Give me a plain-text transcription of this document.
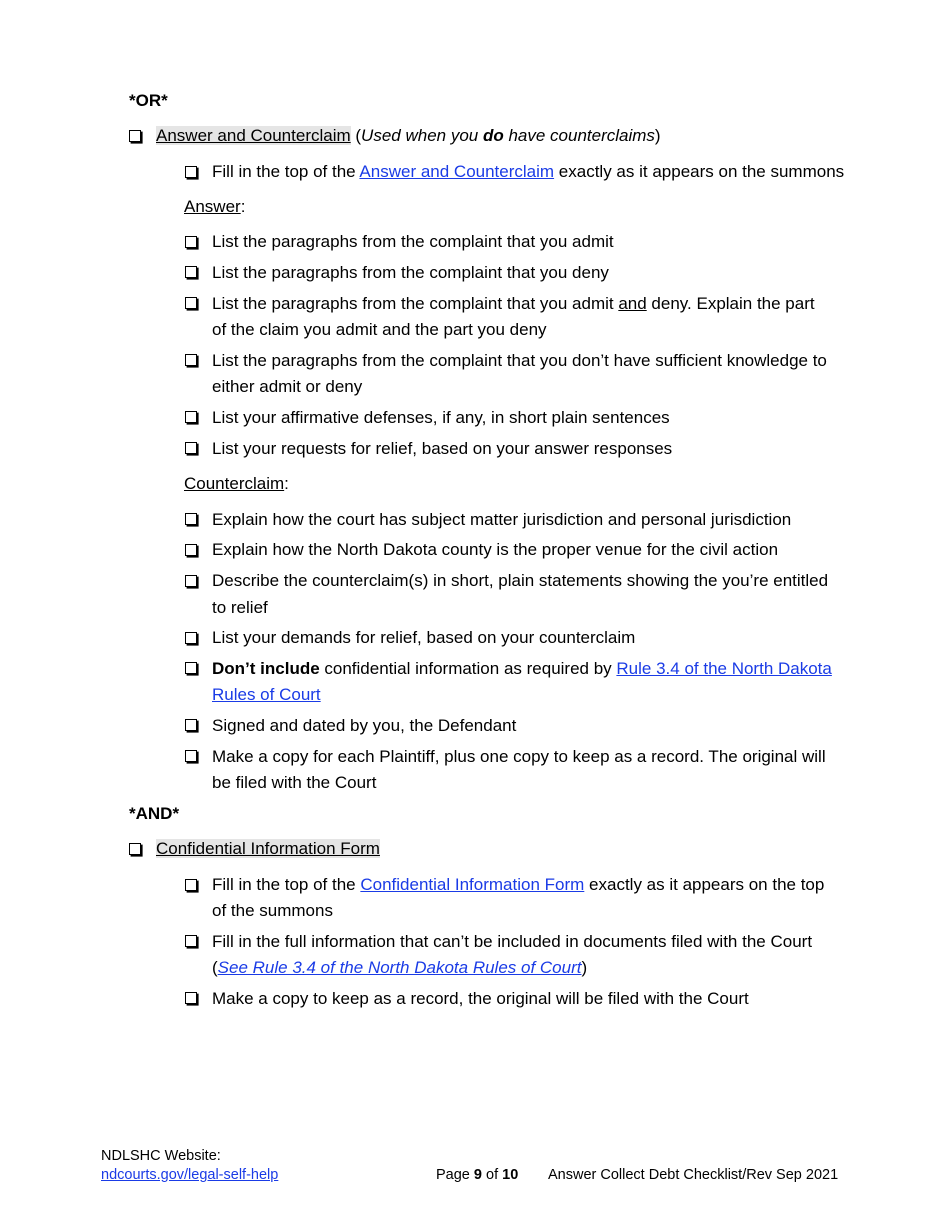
*OR*
Answer and Counterclaim (Used when you do have counterclaims)
Fill in the top of the Answer and Counterclaim exactly as it appears on the summons
Answer:
List the paragraphs from the complaint that you admit
List the paragraphs from the complaint that you deny
List the paragraphs from the complaint that you admit and deny. Explain the part
of the claim you admit and the part you deny
List the paragraphs from the complaint that you don’t have sufficient knowledge to
either admit or deny
List your affirmative defenses, if any, in short plain sentences
List your requests for relief, based on your answer responses
Counterclaim:
Explain how the court has subject matter jurisdiction and personal jurisdiction
Explain how the North Dakota county is the proper venue for the civil action
Describe the counterclaim(s) in short, plain statements showing the you’re entitled
to relief
List your demands for relief, based on your counterclaim
Don’t include confidential information as required by Rule 3.4 of the North Dakota
Rules of Court
Signed and dated by you, the Defendant
Make a copy for each Plaintiff, plus one copy to keep as a record. The original will
be filed with the Court
*AND*
Confidential Information Form
Fill in the top of the Confidential Information Form exactly as it appears on the top
of the summons
Fill in the full information that can’t be included in documents filed with the Court
(See Rule 3.4 of the North Dakota Rules of Court)
Make a copy to keep as a record, the original will be filed with the Court
NDLSHC Website:
ndcourts.gov/legal-self-help	Page 9 of 10 Answer Collect Debt Checklist/Rev Sep 2021
